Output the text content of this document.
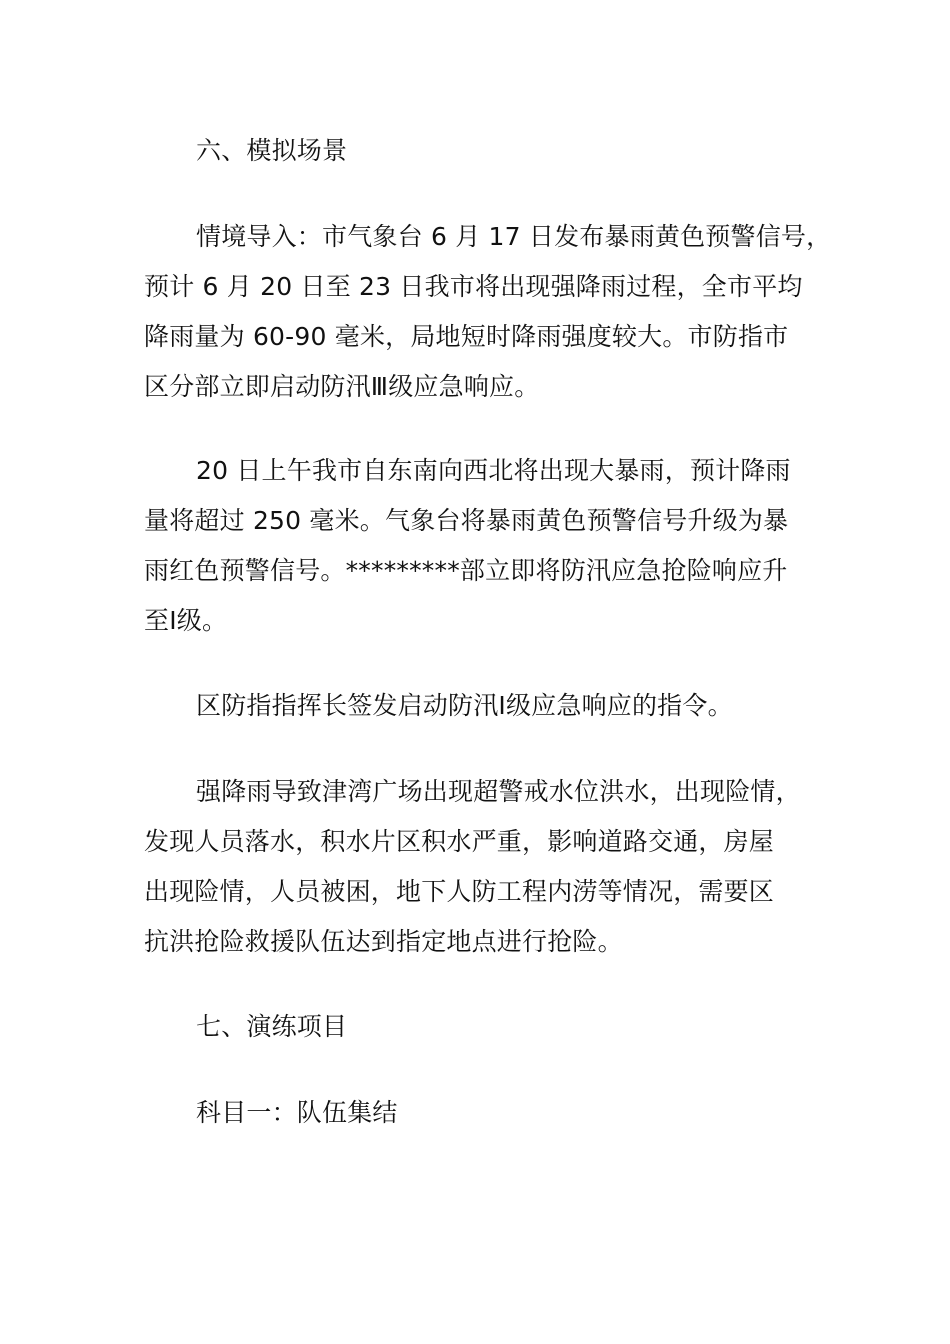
六、模拟场景

情境导入：市气象台 6 月 17 日发布暴雨黄色预警信号，
预计 6 月 20 日至 23 日我市将出现强降雨过程，全市平均
降雨量为 60-90 毫米，局地短时降雨强度较大。市防指市
区分部立即启动防汛Ⅲ级应急响应。

20 日上午我市自东南向西北将出现大暴雨，预计降雨
量将超过 250 毫米。气象台将暴雨黄色预警信号升级为暴
雨红色预警信号。*********部立即将防汛应急抢险响应升
至Ⅰ级。

区防指指挥长签发启动防汛Ⅰ级应急响应的指令。

强降雨导致津湾广场出现超警戒水位洪水，出现险情，
发现人员落水，积水片区积水严重，影响道路交通，房屋
出现险情，人员被困，地下人防工程内涝等情况，需要区
抗洪抢险救援队伍达到指定地点进行抢险。

七、演练项目

科目一：队伍集结
